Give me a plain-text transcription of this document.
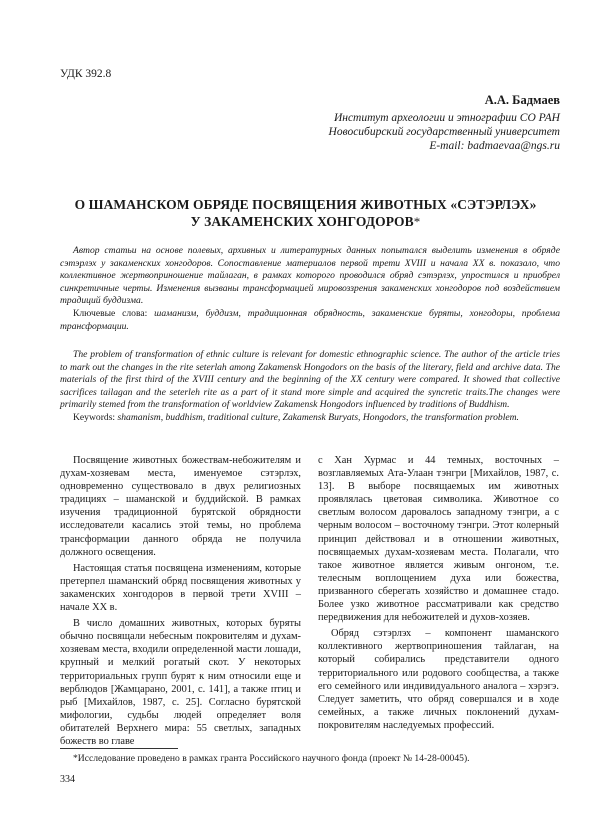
УДК 392.8
А.А. Бадмаев
Институт археологии и этнографии СО РАН
Новосибирский государственный университет
E-mail: badmaevaa@ngs.ru
О ШАМАНСКОМ ОБРЯДЕ ПОСВЯЩЕНИЯ ЖИВОТНЫХ «СЭТЭРЛЭХ»
У ЗАКАМЕНСКИХ ХОНГОДОРОВ*
Автор статьи на основе полевых, архивных и литературных данных попытался выделить изменения в обряде сэтэрлэх у закаменских хонгодоров. Сопоставление материалов первой трети XVIII и начала XX в. показало, что коллективное жертвоприношение тайлаган, в рамках которого проводился обряд сэтэрлэх, упростился и приобрел синкретичные черты. Изменения вызваны трансформацией мировоззрения закаменских хонгодоров под воздействием традиций буддизма.
Ключевые слова: шаманизм, буддизм, традиционная обрядность, закаменские буряты, хонгодоры, проблема трансформации.
The problem of transformation of ethnic culture is relevant for domestic ethnographic science. The author of the article tries to mark out the changes in the rite seterlah among Zakamensk Hongodors on the basis of the literary, field and archive data. The materials of the first third of the XVIII century and the beginning of the XX century were compared. It showed that collective sacrifices tailagan and the seterleh rite as a part of it stand more simple and acquired the syncretic traits.The changes were primarily stemed from the transformation of worldview Zakamensk Hongodors influenced by traditions of Buddhism.
Keywords: shamanism, buddhism, traditional culture, Zakamensk Buryats, Hongodors, the transformation problem.

Посвящение животных божествам-небожителям и духам-хозяевам места, именуемое сэтэрлэх, одновременно существовало в двух религиозных традициях – шаманской и буддийской. В рамках изучения традиционной бурятской обрядности исследователи касались этой темы, но проблема трансформации данного обряда не получила должного освещения.

Настоящая статья посвящена изменениям, которые претерпел шаманский обряд посвящения животных у закаменских хонгодоров в первой трети XVIII – начале XX в.

В число домашних животных, которых буряты обычно посвящали небесным покровителям и духам-хозяевам места, входили определенной масти лошади, крупный и мелкий рогатый скот. У некоторых территориальных групп бурят к ним относили еще и верблюдов [Жамцарано, 2001, с. 141], а также птиц и рыб [Михайлов, 1987, с. 25]. Согласно бурятской мифологии, судьбы людей определяет воля обитателей Верхнего мира: 55 светлых, западных божеств во главе

с Хан Хурмас и 44 темных, восточных – возглавляемых Ата-Улаан тэнгри [Михайлов, 1987, с. 13]. В выборе посвящаемых им животных проявлялась цветовая символика. Животное со светлым волосом даровалось западному тэнгри, а с черным волосом – восточному тэнгри. Этот колерный принцип действовал и в отношении животных, посвящаемых духам-хозяевам места. Полагали, что такое животное является живым онгоном, т.е. телесным воплощением духа или божества, призванного сберегать хозяйство и домашнее стадо. Более узко животное рассматривали как средство передвижения для небожителей и духов-хозяев.

Обряд сэтэрлэх – компонент шаманского коллективного жертвоприношения тайлаган, на который собирались представители одного территориального или родового сообщества, а также его семейного или индивидуального аналога – хэрэгэ. Следует заметить, что обряд совершался и в ходе семейных, а также личных поклонений духам-покровителям наследуемых профессий.

*Исследование проведено в рамках гранта Российского научного фонда (проект № 14-28-00045).
334
